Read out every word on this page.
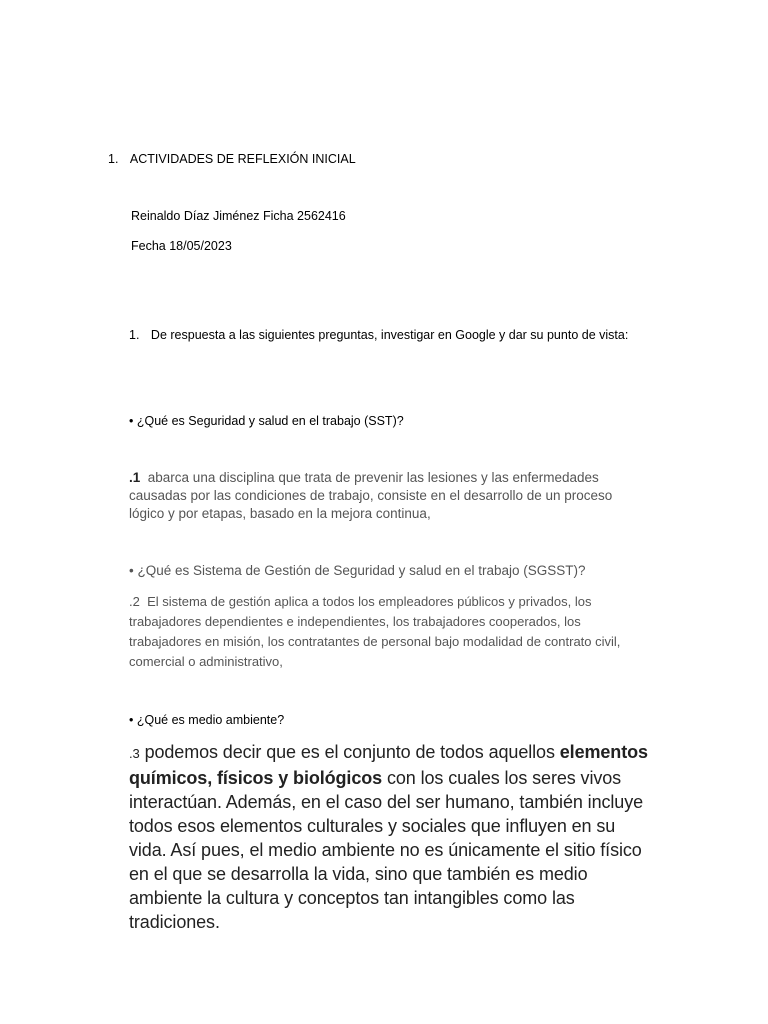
1. ACTIVIDADES DE REFLEXIÓN INICIAL
Reinaldo Díaz Jiménez Ficha 2562416
Fecha 18/05/2023
1. De respuesta a las siguientes preguntas, investigar en Google y dar su punto de vista:
• ¿Qué es Seguridad y salud en el trabajo (SST)?

.1 abarca una disciplina que trata de prevenir las lesiones y las enfermedades

causadas por las condiciones de trabajo, consiste en el desarrollo de un proceso

lógico y por etapas, basado en la mejora continua,

• ¿Qué es Sistema de Gestión de Seguridad y salud en el trabajo (SGSST)?

.2 El sistema de gestión aplica a todos los empleadores públicos y privados, los

trabajadores dependientes e independientes, los trabajadores cooperados, los

trabajadores en misión, los contratantes de personal bajo modalidad de contrato civil,

comercial o administrativo,

• ¿Qué es medio ambiente?

.3 podemos decir que es el conjunto de todos aquellos elementos

químicos, físicos y biológicos con los cuales los seres vivos

interactúan. Además, en el caso del ser humano, también incluye

todos esos elementos culturales y sociales que influyen en su

vida. Así pues, el medio ambiente no es únicamente el sitio físico

en el que se desarrolla la vida, sino que también es medio

ambiente la cultura y conceptos tan intangibles como las

tradiciones.
